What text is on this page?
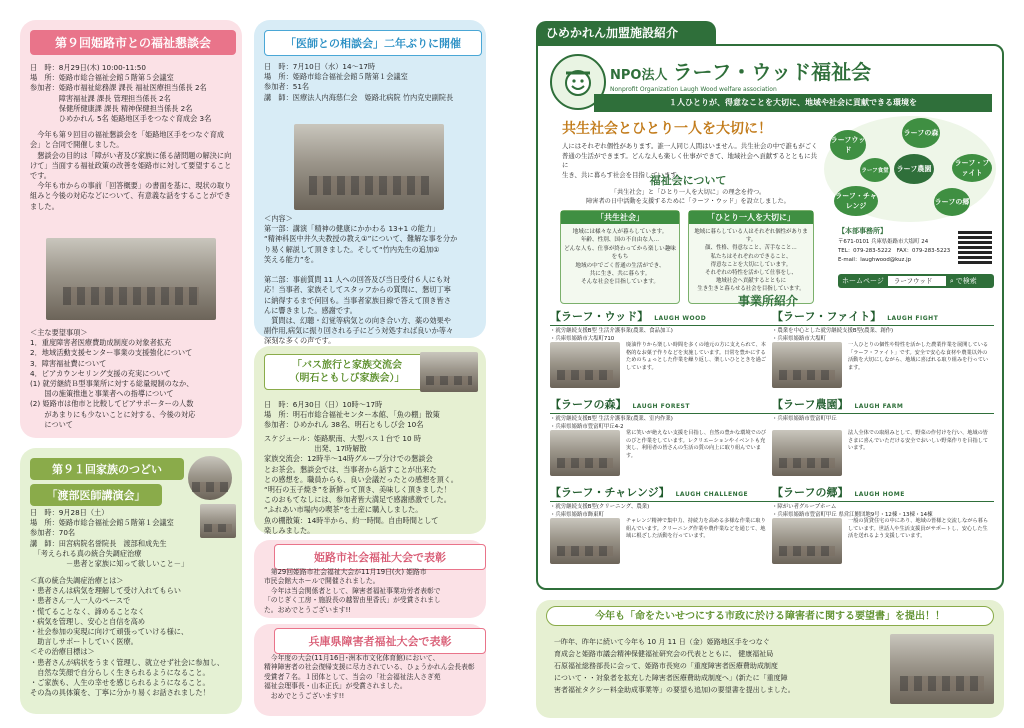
第９回姫路市との福祉懇談会

日　時：8月29日(木) 10:00-11:50
場　所：姫路市総合福祉会館５階第５会議室
参加者：姫路市福祉総務課 課長 福祉医療担当係長 2名
　　　　障害福祉課 課長 管理担当係長 2名
　　　　保健所健康課 課長 精神保健担当係長 2名
　　　　ひめかれん 5名 姫路地区手をつなぐ育成会 3名

　今年も第９回目の福祉懇談会を「姫路地区手をつなぐ育成会」と合同で開催しました。
　懇談会の目的は「障がい者及び家族に係る諸問題の解決に向けて」当面する福祉政策の改善を姫路市に対して要望することです。
　今年も市からの事前「回答概要」の書面を基に、現状の取り組みと今後の対応などについて、有意義な話をすることができました。

＜主な要望事項＞
1．重度障害者医療費助成制度の対象者拡充
2．地域活動支援センター事業の支援強化について
3．障害福祉費について
4．ピアカウンセリング支援の充実について
(1) 就労継続Ｂ型事業所に対する総量規制のなか、
　　国の施策推進と事業者への指導について
(2) 姫路市は他市と比較してピアサポーターの人数
　　があまりにも少ないことに対する、今後の対応
　　について

第９１回家族のつどい
「渡部医師講演会」

日　時：9月28日（土）
場　所：姫路市総合福祉会館５階第１会議室
参加者：70名
講　師：田宮病院名誉院長　渡部和成先生
　「考えられる真の統合失調症治療
　　　　　－患者と家族に知って欲しいこと－」

＜真の統合失調症治療とは＞
・患者さんは病気を理解して受け入れてもらい
・患者さん一人一人のペースで
・慌てることなく、諦めることなく
・病気を管理し、安心と自信を高め
・社会参加の実現に向けて頑張っていける様に、
　助言しサポートしていく医療。
＜その治療目標は＞
・患者さんが病状をうまく管理し、就立せず社会に参加し、
　自然な笑顔で自分らしく生きられるようになること。
・ご家族も、人生の幸せを感じられるようになること。
その為の具体策を、丁寧に分かり易くお話されました！

「医師との相談会」二年ぶりに開催

日　時：7月10日（水）14～17時
場　所：姫路市総合福祉会館５階第１会議室
参加者：51名
講　師：医療法人内海慈仁会　姫路北病院 竹内克史副院長

＜内容＞
第一部：講演「精神の健康にかかわる 13+1 の能力」
“精神科医中井久夫教授の教え①”について、難解な事を分か
り易く解説して頂きました。そして“竹内先生の追加①
笑える能力”を。

第二部：事前質問 11 人への回答及び当日受付６人にも対
応！当事者、家族そしてスタッフからの質問に、懇切丁寧
に納得するまで何回も。当事者家族目線で答えて頂き皆さ
んに響きました。感謝です。
　質問は、幻聴・幻覚等病気との向き合い方、薬の効果や
副作用,病気に振り回される子にどう対処すれば良いか等々
深刻な多くの声です。

「バス旅行と家族交流会
（明石ともしび家族会）」

日　時：6月30日（日）10時～17時
場　所：明石市総合福祉センター本館、「魚の棚」散策
参加者：ひめかれん 38名、明石ともしび会 10名

スケジュール：姫路駅南、大型バス１台で 10 時
　　　　　　　出発、17時解散
家族交流会：12時半～14時グループ分けでの懇談会
とお茶会。懇談会では、当事者から話すことが出来た
との感想を。職員からも、良い会議だったとの感想を頂く。
“明石の玉子焼き”を新鮮って頂き、美味しく頂きました！
このおもてなしには、参加者皆大満足で感謝感激でした。
“ふれあい市場内の喫茶”を土産に購入しました。
魚の棚散策：14時半から、約一時間。自由時間として
楽しみました。

姫路市社会福祉大会で表彰

　第29回姫路市社会福祉大会が11月19日(火) 姫路市
市民会館大ホールで開催されました。
　今年は当会関係者として、障害者福祉事業功労者表彰で
「のじぎく工房・施設長の越智由里香氏」が受賞されまし
た。おめでとうございます!!

兵庫県障害者福祉大会で表彰

　今年度の大会(11月16日･洲本市文化体育館)において、
精神障害者の社会復帰支援に尽力されている、ひょうかれん会長表彰
受賞者７名。１団体として、当会の「社会福祉法人さぎ苑
福祉会理事長・山本正氏」が受賞されました。
　おめでとうございます!!

ひめかれん加盟施設紹介
NPO法人 ラーフ・ウッド福祉会
Nonprofit Organization Laugh Wood welfare association
１人ひとりが、得意なことを大切に、地域や社会に貢献できる環境を
共生社会とひとり一人を大切に！

人にはそれぞれ個性があります。誰一人同じ人間はいません。共生社会の中で誰もがごく
普通の生活ができます。どんな人も楽しく仕事ができて、地域社会へ貢献するとともに共に
生き、共に暮らす社会を目指しています。

福祉会について

「共生社会」と「ひとり一人を大切に」の理念を持つ。
障害者の日中活動を支援するために「ラーフ・ウッド」を設立しました。

「共生社会」

地域には様々な人が暮らしています。
年齢、性別、国の不自由な人…
どんな人も、仕事が終わってから楽しい趣味をもち
地域の中でごく普通の生活ができ、
共に生き、共に暮らす。
そんな社会を目指しています。

「ひとり一人を大切に」

地域に暮らしている人はそれぞれ個性があります。
顔、性格、得意なこと、苦手なこと…
私たちはそれぞれのできること、
得意なことを大切にしています。
それぞれの特性を活かして仕事をし、
地域社会へ貢献するとともに
生き生きと暮らせる社会を目指しています。

ラーフウッド
ラーフの森
ラーフ農園
ラーフ・ファイト
ラーフ・チャレンジ	ラーフの郷
ラーフ食堂
【本部事務所】

〒671-0101 兵庫県姫路市大塩町 24
TEL：079-283-5222　FAX：079-283-5223
E-mail：laughwood@kuz.jp

ホームページ	ラーフウッド	⌕ で検索
事業所紹介
【ラーフ・ウッド】 LAUGH WOOD

・就労継続支援B型 生活介護事業(農業、食品加工)
・兵庫県姫路市大塩町710

廃油作りから楽しい時間を多くの地元の方に支えられて、本格的なお菓子作りなどを実施しています。日常を豊かにするためのちょっとした作業を繰り返し、楽しいひとときを過ごしています。

【ラーフ・ファイト】 LAUGH FIGHT

・農業を中心とした就労継続支援B型(農業、創作)
・兵庫県姫路市大塩町

一人ひとりの個性や特性を活かした農業作業を展開している「ラーフ・ファイト」です。安全で安心な食材や農業以外の活動を大切にしながら、地域に喜ばれる取り組みを行っています。

【ラーフの森】 LAUGH FOREST

・就労継続支援B型 生活介護事業(農業、室内作業)
・兵庫県姫路市豊富町甲丘4-2

常に笑いが絶えない支援を目指し、自然の豊かな環境でのびのびと作業をしています。レクリエーションやイベントも充実し、利用者の皆さんの生活の質の向上に取り組んでいます。

【ラーフ農園】 LAUGH FARM

・兵庫県姫路市豊富町甲丘

法人全体での取組みとして、野菜の作付けを行い、地域の皆さまに喜んでいただける安全でおいしい野菜作りを目指しています。

【ラーフ・チャレンジ】 LAUGH CHALLENGE

・就労継続支援B型(クリーニング、農業)
・兵庫県姫路市飾東町

チャレンジ精神で集中力、持続力を高める多様な作業に取り組んでいます。クリーニング作業や農作業などを通じて、地域に根ざした活動を行っています。

【ラーフの郷】 LAUGH HOME

・障がい者グループホーム
・兵庫県姫路市豊富町甲丘 県営江鮒団地9号・12棟・13棟・14棟

一般の賃貸住宅の中にあり、地域の皆様と交流しながら暮らしています。世話人や生活支援員がサポートし、安心した生活を送れるよう支援しています。

今年も「命をたいせつにする市政に於ける障害者に関する要望書」を提出！！

一昨年、昨年に続いて今年も 10 月 11 日（金）姫路地区手をつなぐ
育成会と姫路市議会精神保健福祉研究会の代表とともに、 健康福祉局
石原福祉総務部長に会って、姫路市長宛の「重度障害者医療費助成制度
について・・対象者を拡充した障害者医療費助成制度へ」(新たに「重度障
害者福祉タクシー料金助成事業等」の要望も追加)の要望書を提出しました。
